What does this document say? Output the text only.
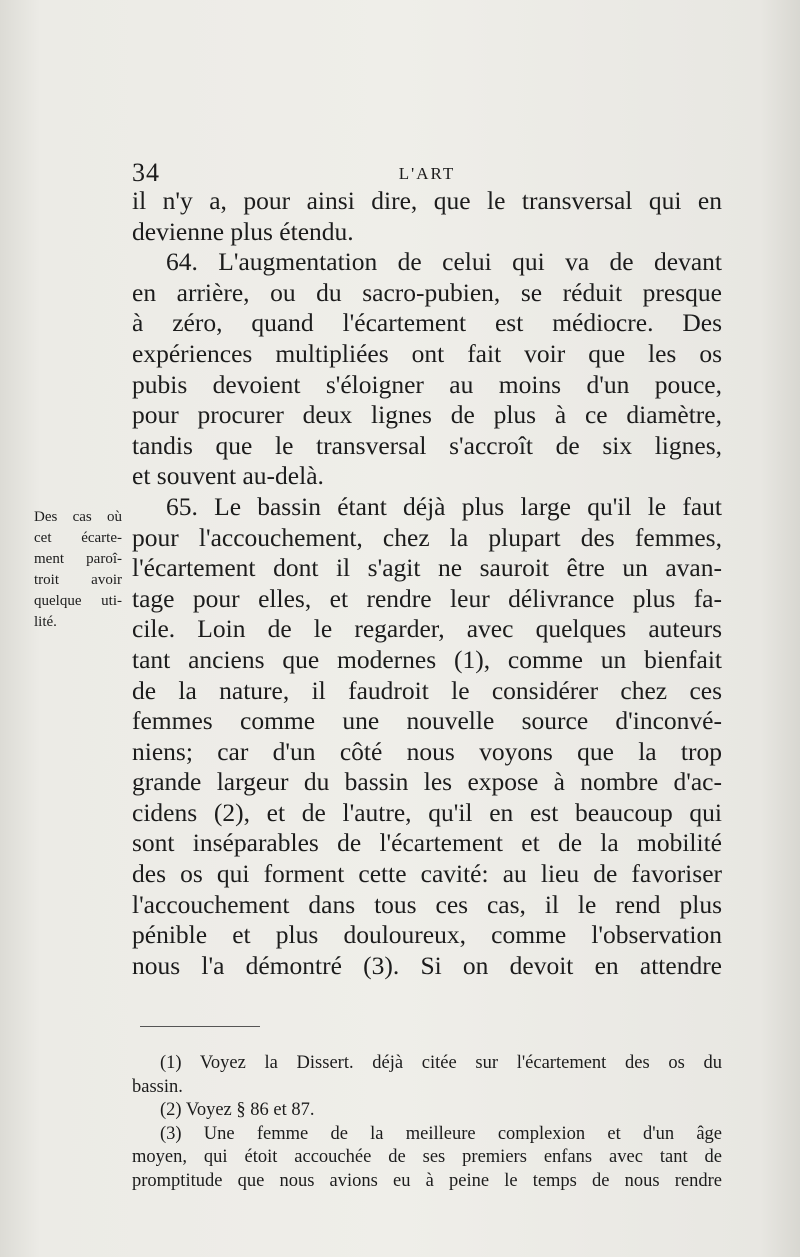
34	L'ART
il n'y a, pour ainsi dire, que le transversal qui en
devienne plus étendu.
64. L'augmentation de celui qui va de devant
en arrière, ou du sacro-pubien, se réduit presque
à zéro, quand l'écartement est médiocre. Des
expériences multipliées ont fait voir que les os
pubis devoient s'éloigner au moins d'un pouce,
pour procurer deux lignes de plus à ce diamètre,
tandis que le transversal s'accroît de six lignes,
et souvent au-delà.
65. Le bassin étant déjà plus large qu'il le faut
pour l'accouchement, chez la plupart des femmes,
l'écartement dont il s'agit ne sauroit être un avan-
tage pour elles, et rendre leur délivrance plus fa-
cile. Loin de le regarder, avec quelques auteurs
tant anciens que modernes (1), comme un bienfait
de la nature, il faudroit le considérer chez ces
femmes comme une nouvelle source d'inconvé-
niens; car d'un côté nous voyons que la trop
grande largeur du bassin les expose à nombre d'ac-
cidens (2), et de l'autre, qu'il en est beaucoup qui
sont inséparables de l'écartement et de la mobilité
des os qui forment cette cavité: au lieu de favoriser
l'accouchement dans tous ces cas, il le rend plus
pénible et plus douloureux, comme l'observation
nous l'a démontré (3). Si on devoit en attendre
Des cas où
cet écarte-
ment paroî-
troit avoir
quelque uti-
lité.
(1) Voyez la Dissert. déjà citée sur l'écartement des os du
bassin.
(2) Voyez § 86 et 87.
(3) Une femme de la meilleure complexion et d'un âge
moyen, qui étoit accouchée de ses premiers enfans avec tant de
promptitude que nous avions eu à peine le temps de nous rendre
